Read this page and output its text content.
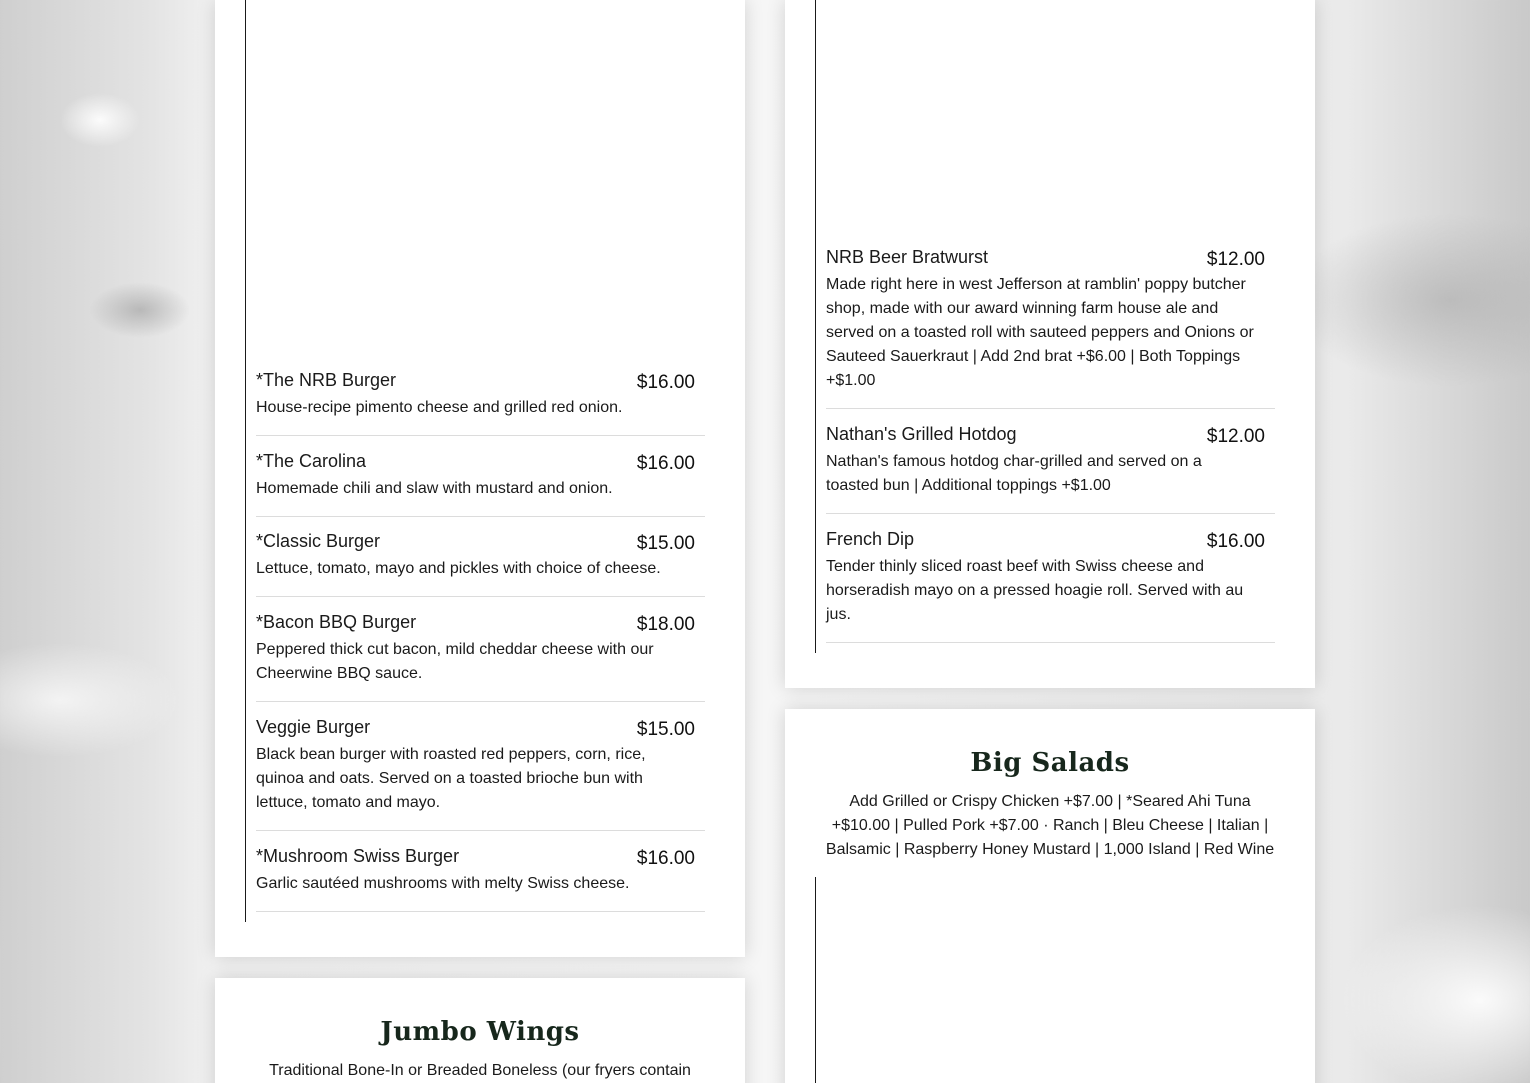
*The NRB Burger	$16.00
House-recipe pimento cheese and grilled red onion.
*The Carolina	$16.00
Homemade chili and slaw with mustard and onion.
*Classic Burger	$15.00
Lettuce, tomato, mayo and pickles with choice of cheese.
*Bacon BBQ Burger	$18.00
Peppered thick cut bacon, mild cheddar cheese with our Cheerwine BBQ sauce.
Veggie Burger	$15.00
Black bean burger with roasted red peppers, corn, rice, quinoa and oats. Served on a toasted brioche bun with lettuce, tomato and mayo.
*Mushroom Swiss Burger	$16.00
Garlic sautéed mushrooms with melty Swiss cheese.
Jumbo Wings
Traditional Bone-In or Breaded Boneless (our fryers contain
NRB Beer Bratwurst	$12.00
Made right here in west Jefferson at ramblin' poppy butcher shop, made with our award winning farm house ale and served on a toasted roll with sauteed peppers and Onions or Sauteed Sauerkraut | Add 2nd brat +$6.00 | Both Toppings +$1.00
Nathan's Grilled Hotdog	$12.00
Nathan's famous hotdog char-grilled and served on a toasted bun | Additional toppings +$1.00
French Dip	$16.00
Tender thinly sliced roast beef with Swiss cheese and horseradish mayo on a pressed hoagie roll. Served with au jus.
Big Salads
Add Grilled or Crispy Chicken +$7.00 | *Seared Ahi Tuna +$10.00 | Pulled Pork +$7.00 · Ranch | Bleu Cheese | Italian | Balsamic | Raspberry Honey Mustard | 1,000 Island | Red Wine
